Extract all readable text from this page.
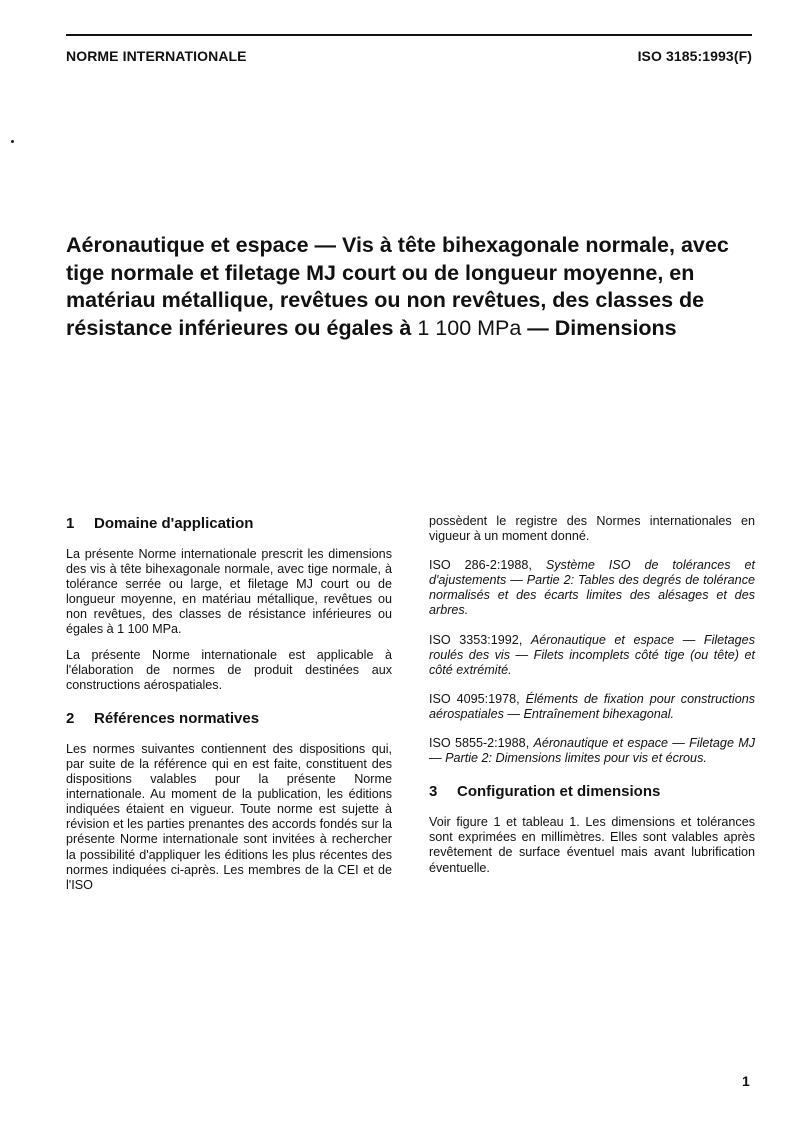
NORME INTERNATIONALE	ISO 3185:1993(F)
Aéronautique et espace — Vis à tête bihexagonale normale, avec tige normale et filetage MJ court ou de longueur moyenne, en matériau métallique, revêtues ou non revêtues, des classes de résistance inférieures ou égales à 1 100 MPa — Dimensions
1 Domaine d'application

La présente Norme internationale prescrit les dimensions des vis à tête bihexagonale normale, avec tige normale, à tolérance serrée ou large, et filetage MJ court ou de longueur moyenne, en matériau métallique, revêtues ou non revêtues, des classes de résistance inférieures ou égales à 1 100 MPa.

La présente Norme internationale est applicable à l'élaboration de normes de produit destinées aux constructions aérospatiales.

2 Références normatives

Les normes suivantes contiennent des dispositions qui, par suite de la référence qui en est faite, constituent des dispositions valables pour la présente Norme internationale. Au moment de la publication, les éditions indiquées étaient en vigueur. Toute norme est sujette à révision et les parties prenantes des accords fondés sur la présente Norme internationale sont invitées à rechercher la possibilité d'appliquer les éditions les plus récentes des normes indiquées ci-après. Les membres de la CEI et de l'ISO

possèdent le registre des Normes internationales en vigueur à un moment donné.

ISO 286-2:1988, Système ISO de tolérances et d'ajustements — Partie 2: Tables des degrés de tolérance normalisés et des écarts limites des alésages et des arbres.

ISO 3353:1992, Aéronautique et espace — Filetages roulés des vis — Filets incomplets côté tige (ou tête) et côté extrémité.

ISO 4095:1978, Éléments de fixation pour constructions aérospatiales — Entraînement bihexagonal.

ISO 5855-2:1988, Aéronautique et espace — Filetage MJ — Partie 2: Dimensions limites pour vis et écrous.

3 Configuration et dimensions

Voir figure 1 et tableau 1. Les dimensions et tolérances sont exprimées en millimètres. Elles sont valables après revêtement de surface éventuel mais avant lubrification éventuelle.

1
